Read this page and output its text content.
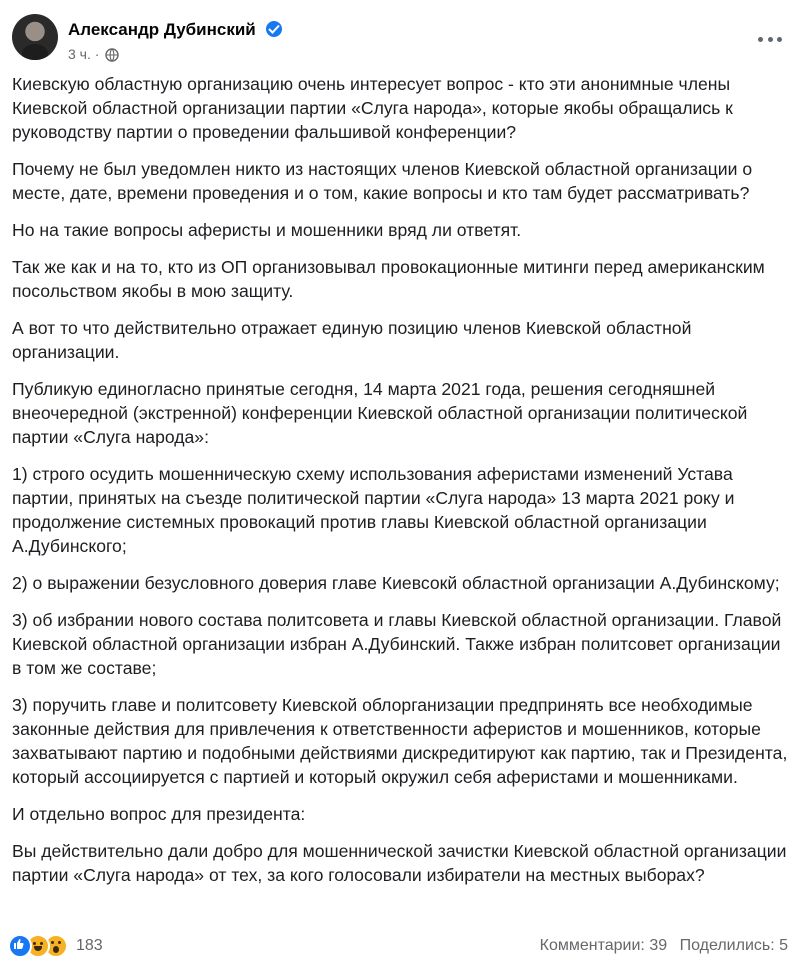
Александр Дубинский
3 ч. ·

Киевскую областную организацию очень интересует вопрос - кто эти анонимные члены Киевской областной организации партии «Слуга народа», которые якобы обращались к руководству партии о проведении фальшивой конференции?

Почему не был уведомлен никто из настоящих членов Киевской областной организации о месте, дате, времени проведения и о том, какие вопросы и кто там будет рассматривать?

Но на такие вопросы аферисты и мошенники вряд ли ответят.

Так же как и на то, кто из ОП организовывал провокационные митинги перед американским посольством якобы в мою защиту.

А вот то что действительно отражает единую позицию членов Киевской областной организации.

Публикую единогласно принятые сегодня, 14 марта 2021 года, решения сегодняшней внеочередной (экстренной) конференции Киевской областной организации политической партии «Слуга народа»:

1) строго осудить мошенническую схему использования аферистами изменений Устава партии, принятых на съезде политической партии «Слуга народа» 13 марта 2021 року и продолжение системных провокаций против главы Киевской областной организации А.Дубинского;

2) о выражении безусловного доверия главе Киевсокй областной организации А.Дубинскому;

3) об избрании нового состава политсовета и главы Киевской областной организации. Главой Киевской областной организации избран А.Дубинский. Также избран политсовет организации в том же составе;

3) поручить главе и политсовету Киевской облорганизации предпринять все необходимые законные действия для привлечения к ответственности аферистов и мошенников, которые захватывают партию и подобными действиями дискредитируют как партию, так и Президента, который ассоциируется с партией и который окружил себя аферистами и мошенниками.

И отдельно вопрос для президента:

Вы действительно дали добро для мошеннической зачистки Киевской областной организации партии «Слуга народа» от тех, за кого голосовали избиратели на местных выборах?

183	Комментарии: 39 Поделились: 5
